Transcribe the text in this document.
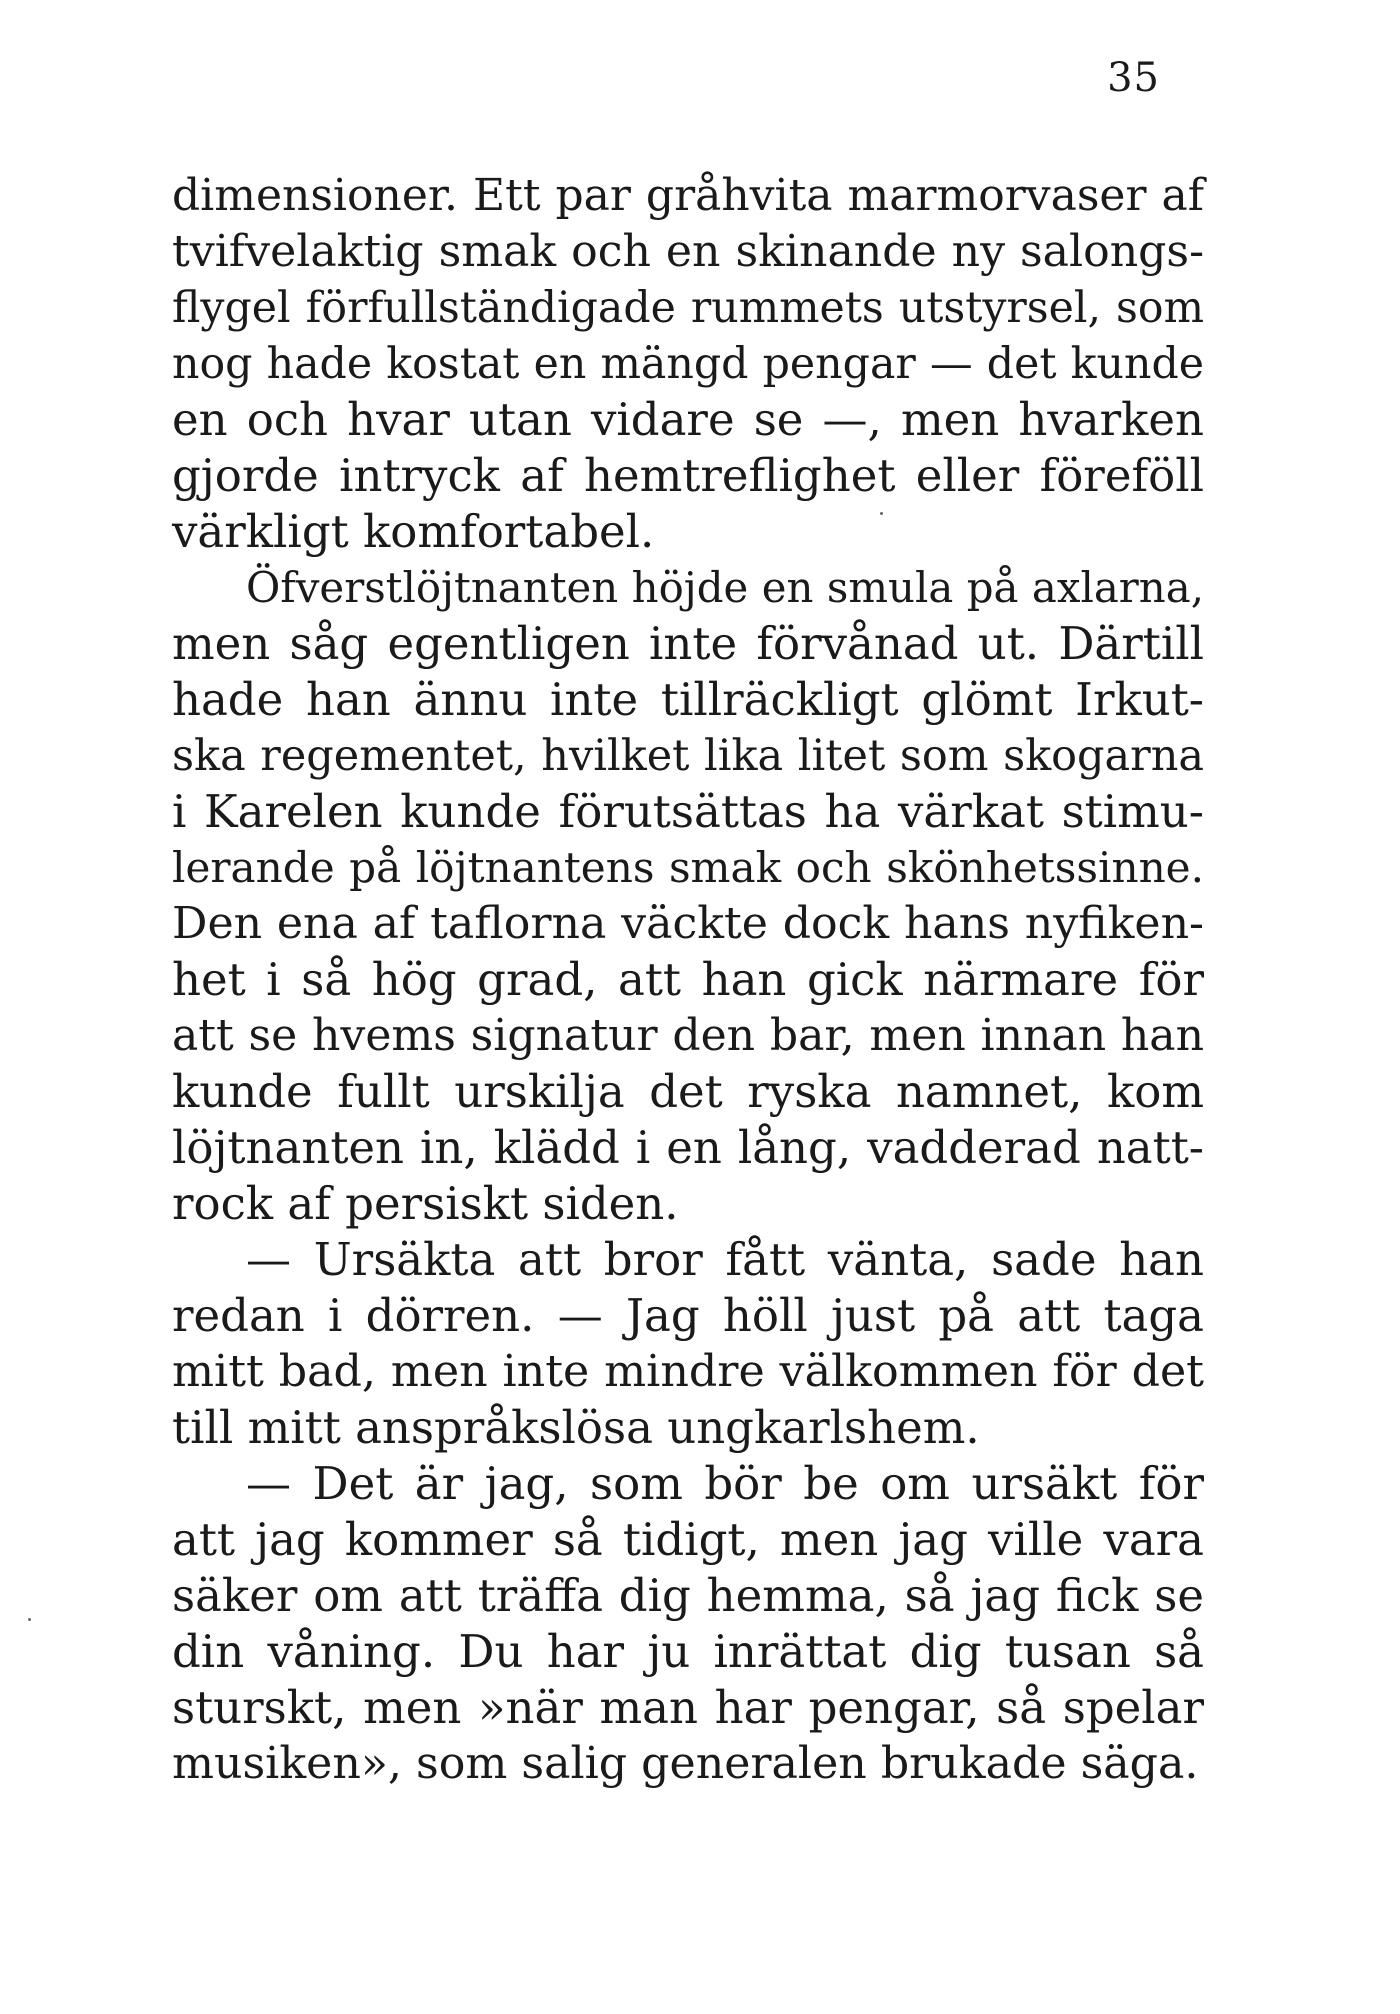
35
dimensioner. Ett par gråhvita marmorvaser af
tvifvelaktig smak och en skinande ny salongs-
flygel förfullständigade rummets utstyrsel, som
nog hade kostat en mängd pengar — det kunde
en och hvar utan vidare se —, men hvarken
gjorde intryck af hemtreflighet eller föreföll
värkligt komfortabel.
Öfverstlöjtnanten höjde en smula på axlarna,
men såg egentligen inte förvånad ut. Därtill
hade han ännu inte tillräckligt glömt Irkut-
ska regementet, hvilket lika litet som skogarna
i Karelen kunde förutsättas ha värkat stimu-
lerande på löjtnantens smak och skönhetssinne.
Den ena af taflorna väckte dock hans nyfiken-
het i så hög grad, att han gick närmare för
att se hvems signatur den bar, men innan han
kunde fullt urskilja det ryska namnet, kom
löjtnanten in, klädd i en lång, vadderad natt-
rock af persiskt siden.
— Ursäkta att bror fått vänta, sade han
redan i dörren. — Jag höll just på att taga
mitt bad, men inte mindre välkommen för det
till mitt anspråkslösa ungkarlshem.
— Det är jag, som bör be om ursäkt för
att jag kommer så tidigt, men jag ville vara
säker om att träffa dig hemma, så jag fick se
din våning. Du har ju inrättat dig tusan så
sturskt, men »när man har pengar, så spelar
musiken», som salig generalen brukade säga.
